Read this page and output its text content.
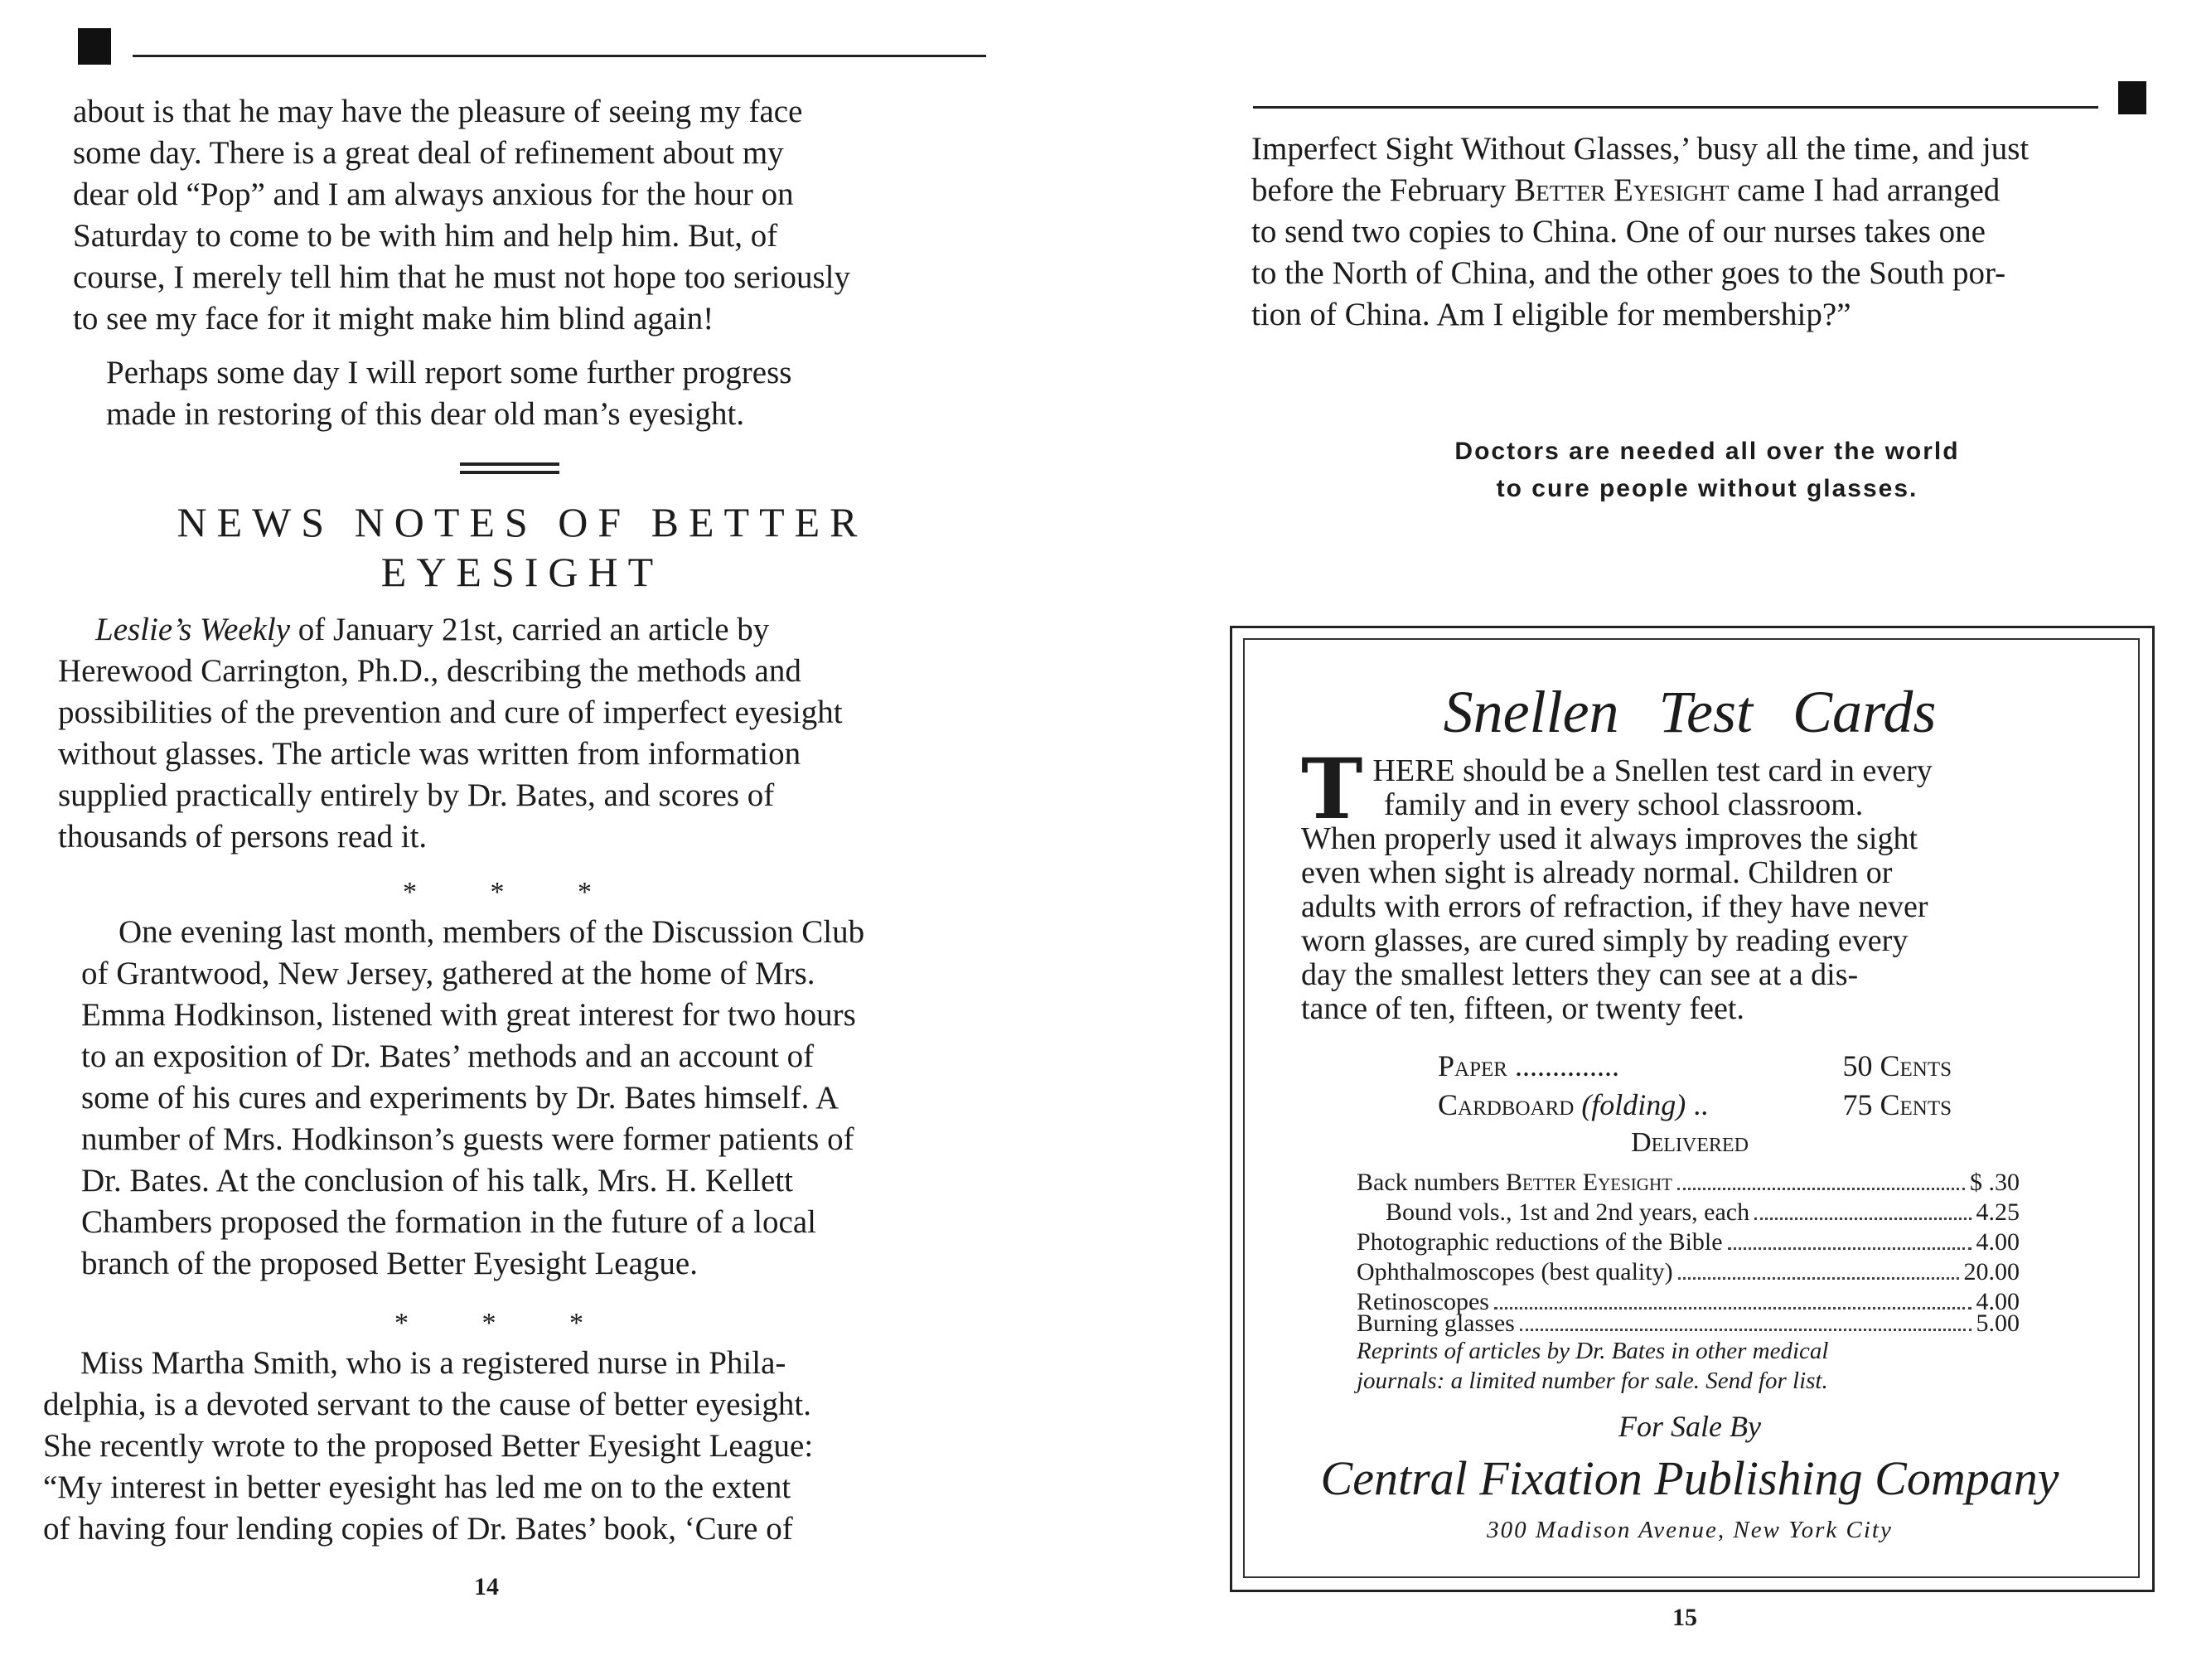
about is that he may have the pleasure of seeing my face
some day. There is a great deal of refinement about my
dear old “Pop” and I am always anxious for the hour on
Saturday to come to be with him and help him. But, of
course, I merely tell him that he must not hope too seriously
to see my face for it might make him blind again!
Perhaps some day I will report some further progress
made in restoring of this dear old man’s eyesight.
NEWS NOTES OF BETTER
EYESIGHT
Leslie’s Weekly of January 21st, carried an article by
Herewood Carrington, Ph.D., describing the methods and
possibilities of the prevention and cure of imperfect eyesight
without glasses. The article was written from information
supplied practically entirely by Dr. Bates, and scores of
thousands of persons read it.
* * *
One evening last month, members of the Discussion Club
of Grantwood, New Jersey, gathered at the home of Mrs.
Emma Hodkinson, listened with great interest for two hours
to an exposition of Dr. Bates’ methods and an account of
some of his cures and experiments by Dr. Bates himself. A
number of Mrs. Hodkinson’s guests were former patients of
Dr. Bates. At the conclusion of his talk, Mrs. H. Kellett
Chambers proposed the formation in the future of a local
branch of the proposed Better Eyesight League.
* * *
Miss Martha Smith, who is a registered nurse in Phila-
delphia, is a devoted servant to the cause of better eyesight.
She recently wrote to the proposed Better Eyesight League:
“My interest in better eyesight has led me on to the extent
of having four lending copies of Dr. Bates’ book, ‘Cure of
14
Imperfect Sight Without Glasses,’ busy all the time, and just
before the February Better Eyesight came I had arranged
to send two copies to China. One of our nurses takes one
to the North of China, and the other goes to the South por-
tion of China. Am I eligible for membership?”
Doctors are needed all over the world
to cure people without glasses.
Snellen Test Cards
T HERE should be a Snellen test card in every
family and in every school classroom.
When properly used it always improves the sight
even when sight is already normal. Children or
adults with errors of refraction, if they have never
worn glasses, are cured simply by reading every
day the smallest letters they can see at a dis-
tance of ten, fifteen, or twenty feet.
Paper ..............	50 Cents
Cardboard (folding) ..	75 Cents
Delivered
Back numbers Better Eyesight	$ .30
Bound vols., 1st and 2nd years, each	4.25
Photographic reductions of the Bible	4.00
Ophthalmoscopes (best quality)	20.00
Retinoscopes	4.00
Burning glasses	5.00
Reprints of articles by Dr. Bates in other medical
journals: a limited number for sale. Send for list.
For Sale By
Central Fixation Publishing Company
300 Madison Avenue, New York City
15
